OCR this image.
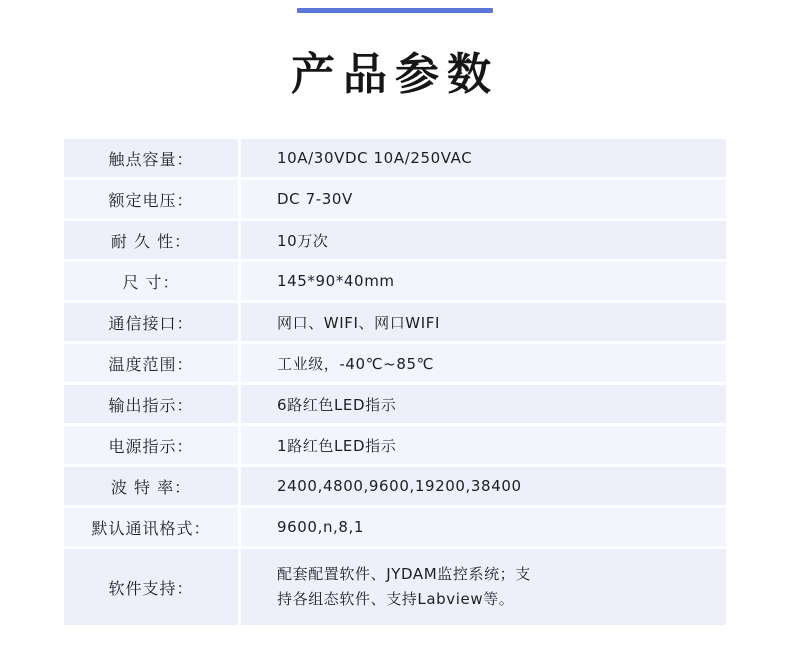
产品参数
触点容量：	10A/30VDC 10A/250VAC
额定电压：	DC 7-30V
耐 久 性：	10万次
尺 寸：	145*90*40mm
通信接口：	网口、WIFI、网口WIFI
温度范围：	工业级，-40℃~85℃
输出指示：	6路红色LED指示
电源指示：	1路红色LED指示
波 特 率：	2400,4800,9600,19200,38400
默认通讯格式：	9600,n,8,1
软件支持：	配套配置软件、JYDAM监控系统；支
持各组态软件、支持Labview等。
